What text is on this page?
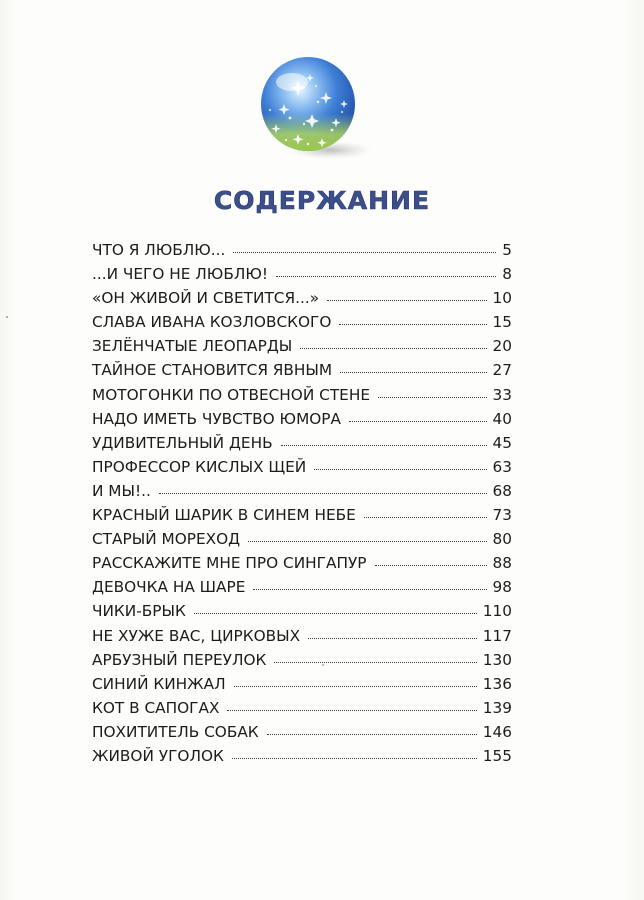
СОДЕРЖАНИЕ
ЧТО Я ЛЮБЛЮ...	5
...И ЧЕГО НЕ ЛЮБЛЮ!	8
«ОН ЖИВОЙ И СВЕТИТСЯ...»	10
СЛАВА ИВАНА КОЗЛОВСКОГО	15
ЗЕЛЁНЧАТЫЕ ЛЕОПАРДЫ	20
ТАЙНОЕ СТАНОВИТСЯ ЯВНЫМ	27
МОТОГОНКИ ПО ОТВЕСНОЙ СТЕНЕ	33
НАДО ИМЕТЬ ЧУВСТВО ЮМОРА	40
УДИВИТЕЛЬНЫЙ ДЕНЬ	45
ПРОФЕССОР КИСЛЫХ ЩЕЙ	63
И МЫ!..	68
КРАСНЫЙ ШАРИК В СИНЕМ НЕБЕ	73
СТАРЫЙ МОРЕХОД	80
РАССКАЖИТЕ МНЕ ПРО СИНГАПУР	88
ДЕВОЧКА НА ШАРЕ	98
ЧИКИ-БРЫК	110
НЕ ХУЖЕ ВАС, ЦИРКОВЫХ	117
АРБУЗНЫЙ ПЕРЕУЛОК	130
СИНИЙ КИНЖАЛ	136
КОТ В САПОГАХ	139
ПОХИТИТЕЛЬ СОБАК	146
ЖИВОЙ УГОЛОК	155
